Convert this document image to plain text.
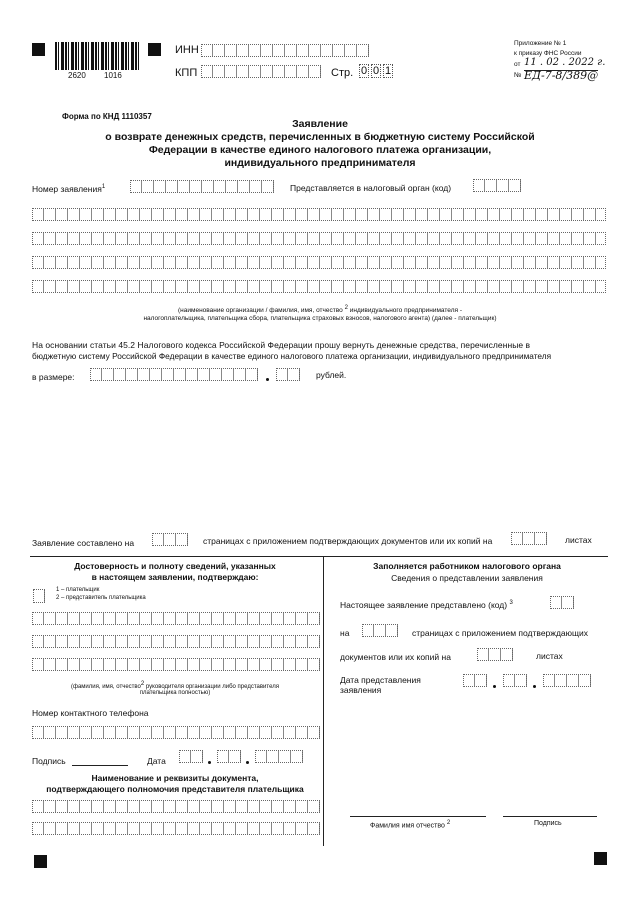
2620 1016
ИНН
КПП	Стр. 0 0 1
Приложение № 1
к приказу ФНС России
от 11 . 02 . 2022 г.
№ ЕД-7-8/389@
Форма по КНД 1110357
Заявление
о возврате денежных средств, перечисленных в бюджетную систему Российской
Федерации в качестве единого налогового платежа организации,
индивидуального предпринимателя
Номер заявления$^1$	Представляется в налоговый орган (код)
(наименование организации / фамилия, имя, отчество 2 индивидуального предпринимателя -
налогоплательщика, плательщика сбора, плательщика страховых взносов, налогового агента) (далее - плательщик)
На основании статьи 45.2 Налогового кодекса Российской Федерации прошу вернуть денежные средства, перечисленные в
бюджетную систему Российской Федерации в качестве единого налогового платежа организации, индивидуального предпринимателя
в размере:	рублей.
Заявление составлено на	страницах с приложением подтверждающих документов или их копий на	листах
Достоверность и полноту сведений, указанных
в настоящем заявлении, подтверждаю:
1 – плательщик
2 – представитель плательщика
(фамилия, имя, отчество2 руководителя организации либо представителя
плательщика полностью)
Номер контактного телефона
Подпись	Дата
Наименование и реквизиты документа,
подтверждающего полномочия представителя плательщика
Заполняется работником налогового органа
Сведения о представлении заявления
Настоящее заявление представлено (код) $^3$
на	страницах с приложением подтверждающих
документов или их копий на	листах
Дата представления
заявления
Фамилия имя отчество 2	Подпись
